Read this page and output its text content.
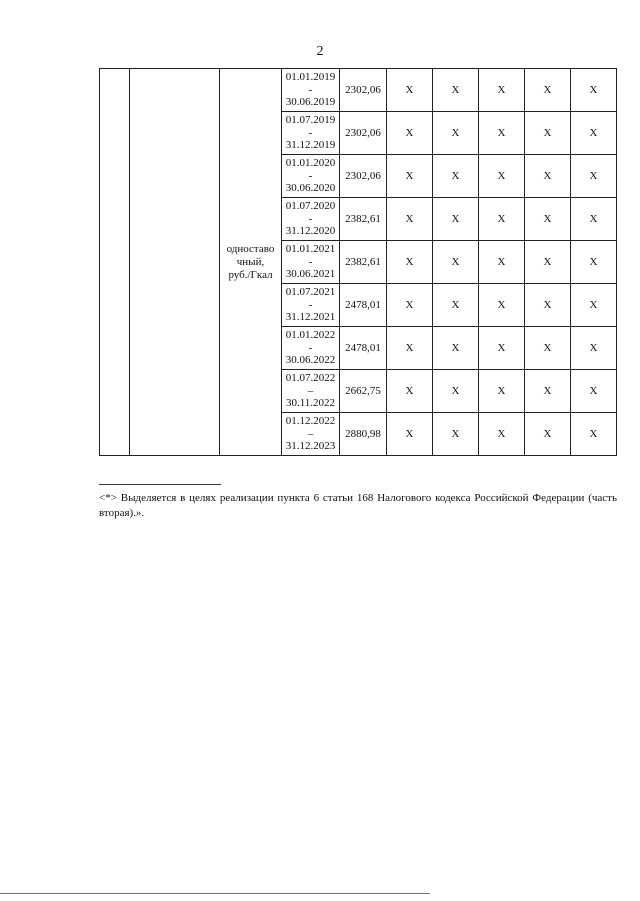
2

		одноставо
чный,
руб./Гкал	01.01.2019
-
30.06.2019	2302,06	X	X	X	X	X

			01.07.2019
-
31.12.2019	2302,06	X	X	X	X	X

			01.01.2020
-
30.06.2020	2302,06	X	X	X	X	X

			01.07.2020
-
31.12.2020	2382,61	X	X	X	X	X

			01.01.2021
-
30.06.2021	2382,61	X	X	X	X	X

			01.07.2021
-
31.12.2021	2478,01	X	X	X	X	X

			01.01.2022
-
30.06.2022	2478,01	X	X	X	X	X

			01.07.2022
–
30.11.2022	2662,75	X	X	X	X	X

			01.12.2022
–
31.12.2023	2880,98	X	X	X	X	X
<*> Выделяется в целях реализации пункта 6 статьи 168 Налогового кодекса Российской Федерации (часть вторая).».
